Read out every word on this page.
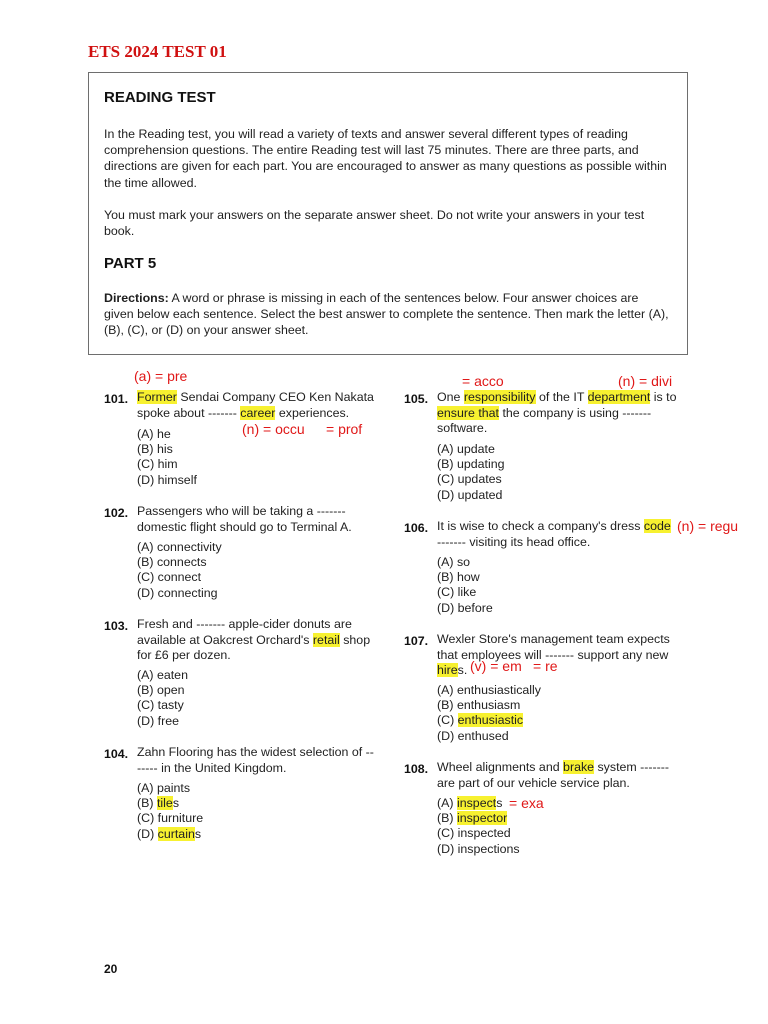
ETS 2024 TEST 01
READING TEST
In the Reading test, you will read a variety of texts and answer several different types of reading comprehension questions. The entire Reading test will last 75 minutes. There are three parts, and directions are given for each part. You are encouraged to answer as many questions as possible within the time allowed.
You must mark your answers on the separate answer sheet. Do not write your answers in your test book.
PART 5
Directions: A word or phrase is missing in each of the sentences below. Four answer choices are given below each sentence. Select the best answer to complete the sentence. Then mark the letter (A), (B), (C), or (D) on your answer sheet.
(a) = pre
101. Former Sendai Company CEO Ken Nakata spoke about ------- career experiences.
(n) = occu = prof
(A) he
(B) his
(C) him
(D) himself
102. Passengers who will be taking a ------- domestic flight should go to Terminal A.
(A) connectivity
(B) connects
(C) connect
(D) connecting
103. Fresh and ------- apple-cider donuts are available at Oakcrest Orchard's retail shop for £6 per dozen.
(A) eaten
(B) open
(C) tasty
(D) free
104. Zahn Flooring has the widest selection of ------- in the United Kingdom.
(A) paints
(B) tiles
(C) furniture
(D) curtains
= acco	(n) = divi
105. One responsibility of the IT department is to ensure that the company is using ------- software.
(A) update
(B) updating
(C) updates
(D) updated
106. It is wise to check a company's dress code ------- visiting its head office.
(n) = regu
(A) so
(B) how
(C) like
(D) before
107. Wexler Store's management team expects that employees will ------- support any new hires. (v) = em = re
(A) enthusiastically
(B) enthusiasm
(C) enthusiastic
(D) enthused
108. Wheel alignments and brake system ------- are part of our vehicle service plan.
(A) inspects
(B) inspector
(C) inspected
(D) inspections
= exa
20
